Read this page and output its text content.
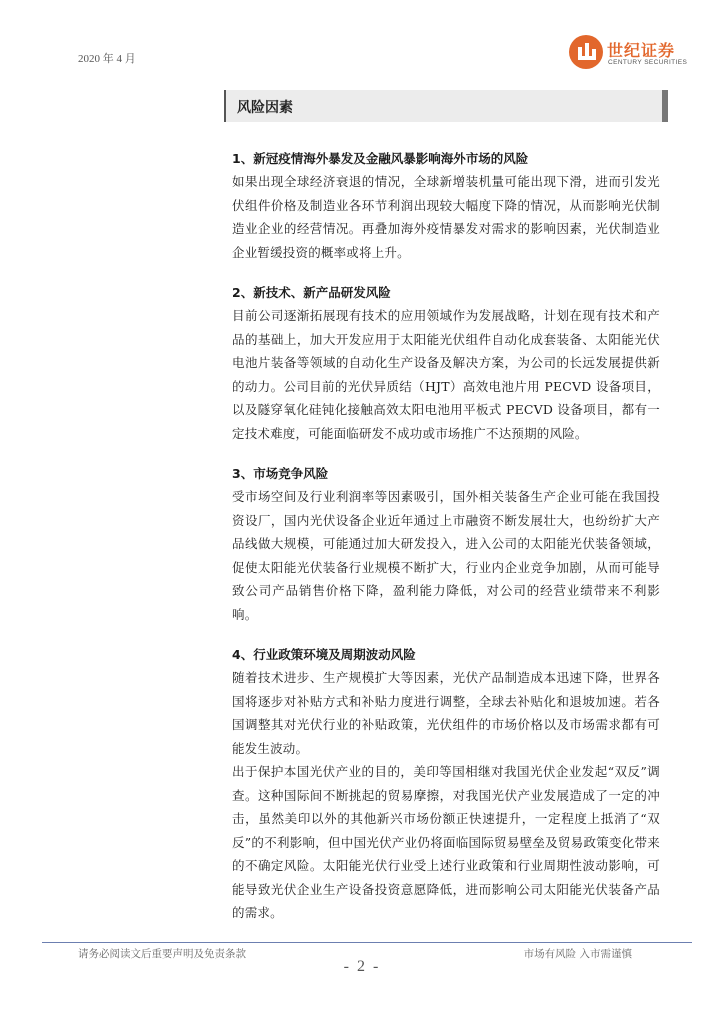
2020 年 4 月	世纪证券
CENTURY SECURITIES
风险因素
1、新冠疫情海外暴发及金融风暴影响海外市场的风险
如果出现全球经济衰退的情况，全球新增装机量可能出现下滑，进而引发光伏组件价格及制造业各环节利润出现较大幅度下降的情况，从而影响光伏制造业企业的经营情况。再叠加海外疫情暴发对需求的影响因素，光伏制造业企业暂缓投资的概率或将上升。
2、新技术、新产品研发风险
目前公司逐渐拓展现有技术的应用领域作为发展战略，计划在现有技术和产品的基础上，加大开发应用于太阳能光伏组件自动化成套装备、太阳能光伏电池片装备等领域的自动化生产设备及解决方案，为公司的长远发展提供新的动力。公司目前的光伏异质结（HJT）高效电池片用 PECVD 设备项目，以及隧穿氧化硅钝化接触高效太阳电池用平板式 PECVD 设备项目，都有一定技术难度，可能面临研发不成功或市场推广不达预期的风险。
3、市场竞争风险
受市场空间及行业利润率等因素吸引，国外相关装备生产企业可能在我国投资设厂，国内光伏设备企业近年通过上市融资不断发展壮大，也纷纷扩大产品线做大规模，可能通过加大研发投入，进入公司的太阳能光伏装备领域，促使太阳能光伏装备行业规模不断扩大，行业内企业竞争加剧，从而可能导致公司产品销售价格下降，盈利能力降低，对公司的经营业绩带来不利影响。
4、行业政策环境及周期波动风险
随着技术进步、生产规模扩大等因素，光伏产品制造成本迅速下降，世界各国将逐步对补贴方式和补贴力度进行调整，全球去补贴化和退坡加速。若各国调整其对光伏行业的补贴政策，光伏组件的市场价格以及市场需求都有可能发生波动。
出于保护本国光伏产业的目的，美印等国相继对我国光伏企业发起“双反”调查。这种国际间不断挑起的贸易摩擦，对我国光伏产业发展造成了一定的冲击，虽然美印以外的其他新兴市场份额正快速提升，一定程度上抵消了“双反”的不利影响，但中国光伏产业仍将面临国际贸易壁垒及贸易政策变化带来的不确定风险。太阳能光伏行业受上述行业政策和行业周期性波动影响，可能导致光伏企业生产设备投资意愿降低，进而影响公司太阳能光伏装备产品的需求。
请务必阅读文后重要声明及免责条款	市场有风险 入市需谨慎
- 2 -
